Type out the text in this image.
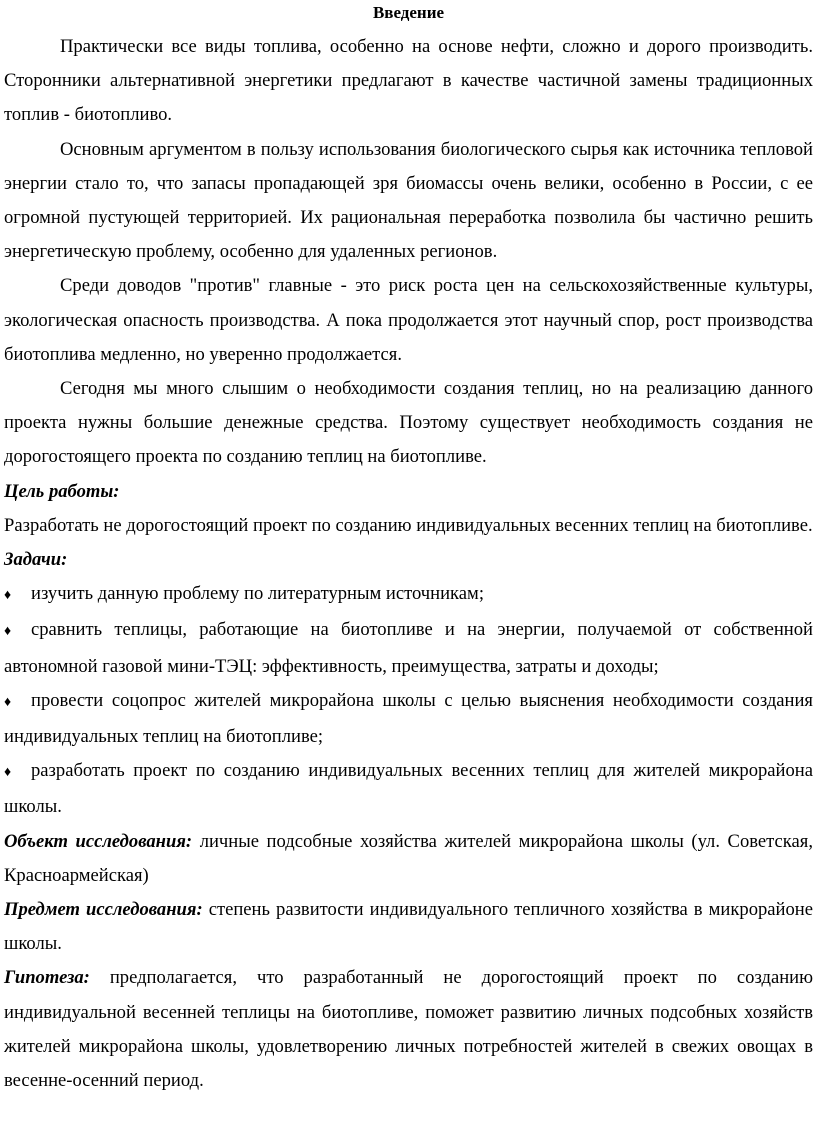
Введение

Практически все виды топлива, особенно на основе нефти, сложно и дорого производить. Сторонники альтернативной энергетики предлагают в качестве частичной замены традиционных топлив - биотопливо.

Основным аргументом в пользу использования биологического сырья как источника тепловой энергии стало то, что запасы пропадающей зря биомассы очень велики, особенно в России, с ее огромной пустующей территорией. Их рациональная переработка позволила бы частично решить энергетическую проблему, особенно для удаленных регионов.

Среди доводов "против" главные - это риск роста цен на сельскохозяйственные культуры, экологическая опасность производства. А пока продолжается этот научный спор, рост производства биотоплива медленно, но уверенно продолжается.

Сегодня мы много слышим о необходимости создания теплиц, но на реализацию данного проекта нужны большие денежные средства. Поэтому существует необходимость создания не дорогостоящего проекта по созданию теплиц на биотопливе.

Цель работы:

Разработать не дорогостоящий проект по созданию индивидуальных весенних теплиц на биотопливе.

Задачи:

♦ изучить данную проблему по литературным источникам;

♦ сравнить теплицы, работающие на биотопливе и на энергии, получаемой от собственной автономной газовой мини-ТЭЦ: эффективность, преимущества, затраты и доходы;

♦ провести соцопрос жителей микрорайона школы с целью выяснения необходимости создания индивидуальных теплиц на биотопливе;

♦ разработать проект по созданию индивидуальных весенних теплиц для жителей микрорайона школы.

Объект исследования: личные подсобные хозяйства жителей микрорайона школы (ул. Советская, Красноармейская)

Предмет исследования: степень развитости индивидуального тепличного хозяйства в микрорайоне школы.

Гипотеза: предполагается, что разработанный не дорогостоящий проект по созданию индивидуальной весенней теплицы на биотопливе, поможет развитию личных подсобных хозяйств жителей микрорайона школы, удовлетворению личных потребностей жителей в свежих овощах в весенне-осенний период.
